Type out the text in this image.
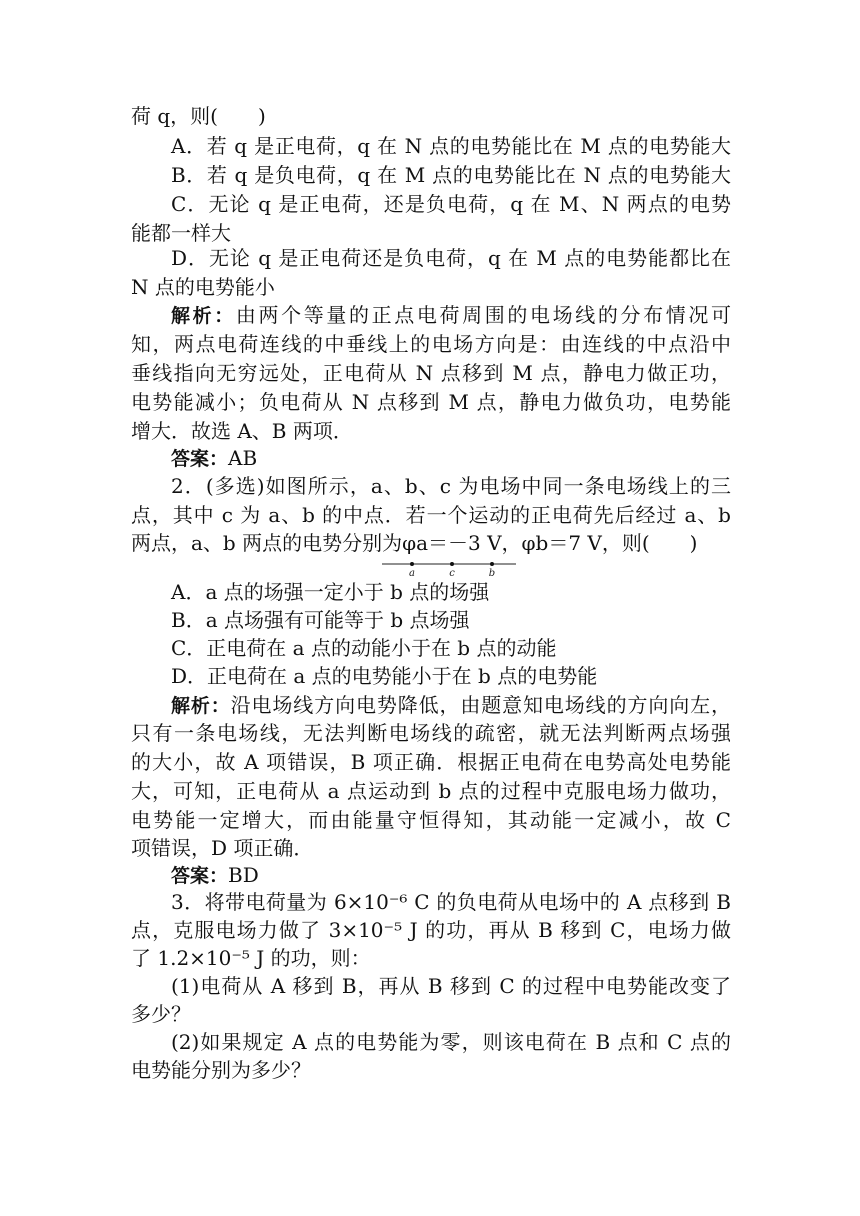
荷 q，则(　　)
A．若 q 是正电荷，q 在 N 点的电势能比在 M 点的电势能大
B．若 q 是负电荷，q 在 M 点的电势能比在 N 点的电势能大
C．无论 q 是正电荷，还是负电荷，q 在 M、N 两点的电势
能都一样大
D．无论 q 是正电荷还是负电荷，q 在 M 点的电势能都比在
N 点的电势能小
解析：由两个等量的正点电荷周围的电场线的分布情况可
知，两点电荷连线的中垂线上的电场方向是：由连线的中点沿中
垂线指向无穷远处，正电荷从 N 点移到 M 点，静电力做正功，
电势能减小；负电荷从 N 点移到 M 点，静电力做负功，电势能
增大．故选 A、B 两项．
答案：AB
2．(多选)如图所示，a、b、c 为电场中同一条电场线上的三
点，其中 c 为 a、b 的中点．若一个运动的正电荷先后经过 a、b
两点，a、b 两点的电势分别为φa＝－3 V，φb＝7 V，则(　　)
a	c	b
A．a 点的场强一定小于 b 点的场强
B．a 点场强有可能等于 b 点场强
C．正电荷在 a 点的动能小于在 b 点的动能
D．正电荷在 a 点的电势能小于在 b 点的电势能
解析：沿电场线方向电势降低，由题意知电场线的方向向左，
只有一条电场线，无法判断电场线的疏密，就无法判断两点场强
的大小，故 A 项错误，B 项正确．根据正电荷在电势高处电势能
大，可知，正电荷从 a 点运动到 b 点的过程中克服电场力做功，
电势能一定增大，而由能量守恒得知，其动能一定减小，故 C
项错误，D 项正确．
答案：BD
3．将带电荷量为 6×10⁻⁶ C 的负电荷从电场中的 A 点移到 B
点，克服电场力做了 3×10⁻⁵ J 的功，再从 B 移到 C，电场力做
了 1.2×10⁻⁵ J 的功，则：
(1)电荷从 A 移到 B，再从 B 移到 C 的过程中电势能改变了
多少？
(2)如果规定 A 点的电势能为零，则该电荷在 B 点和 C 点的
电势能分别为多少？
